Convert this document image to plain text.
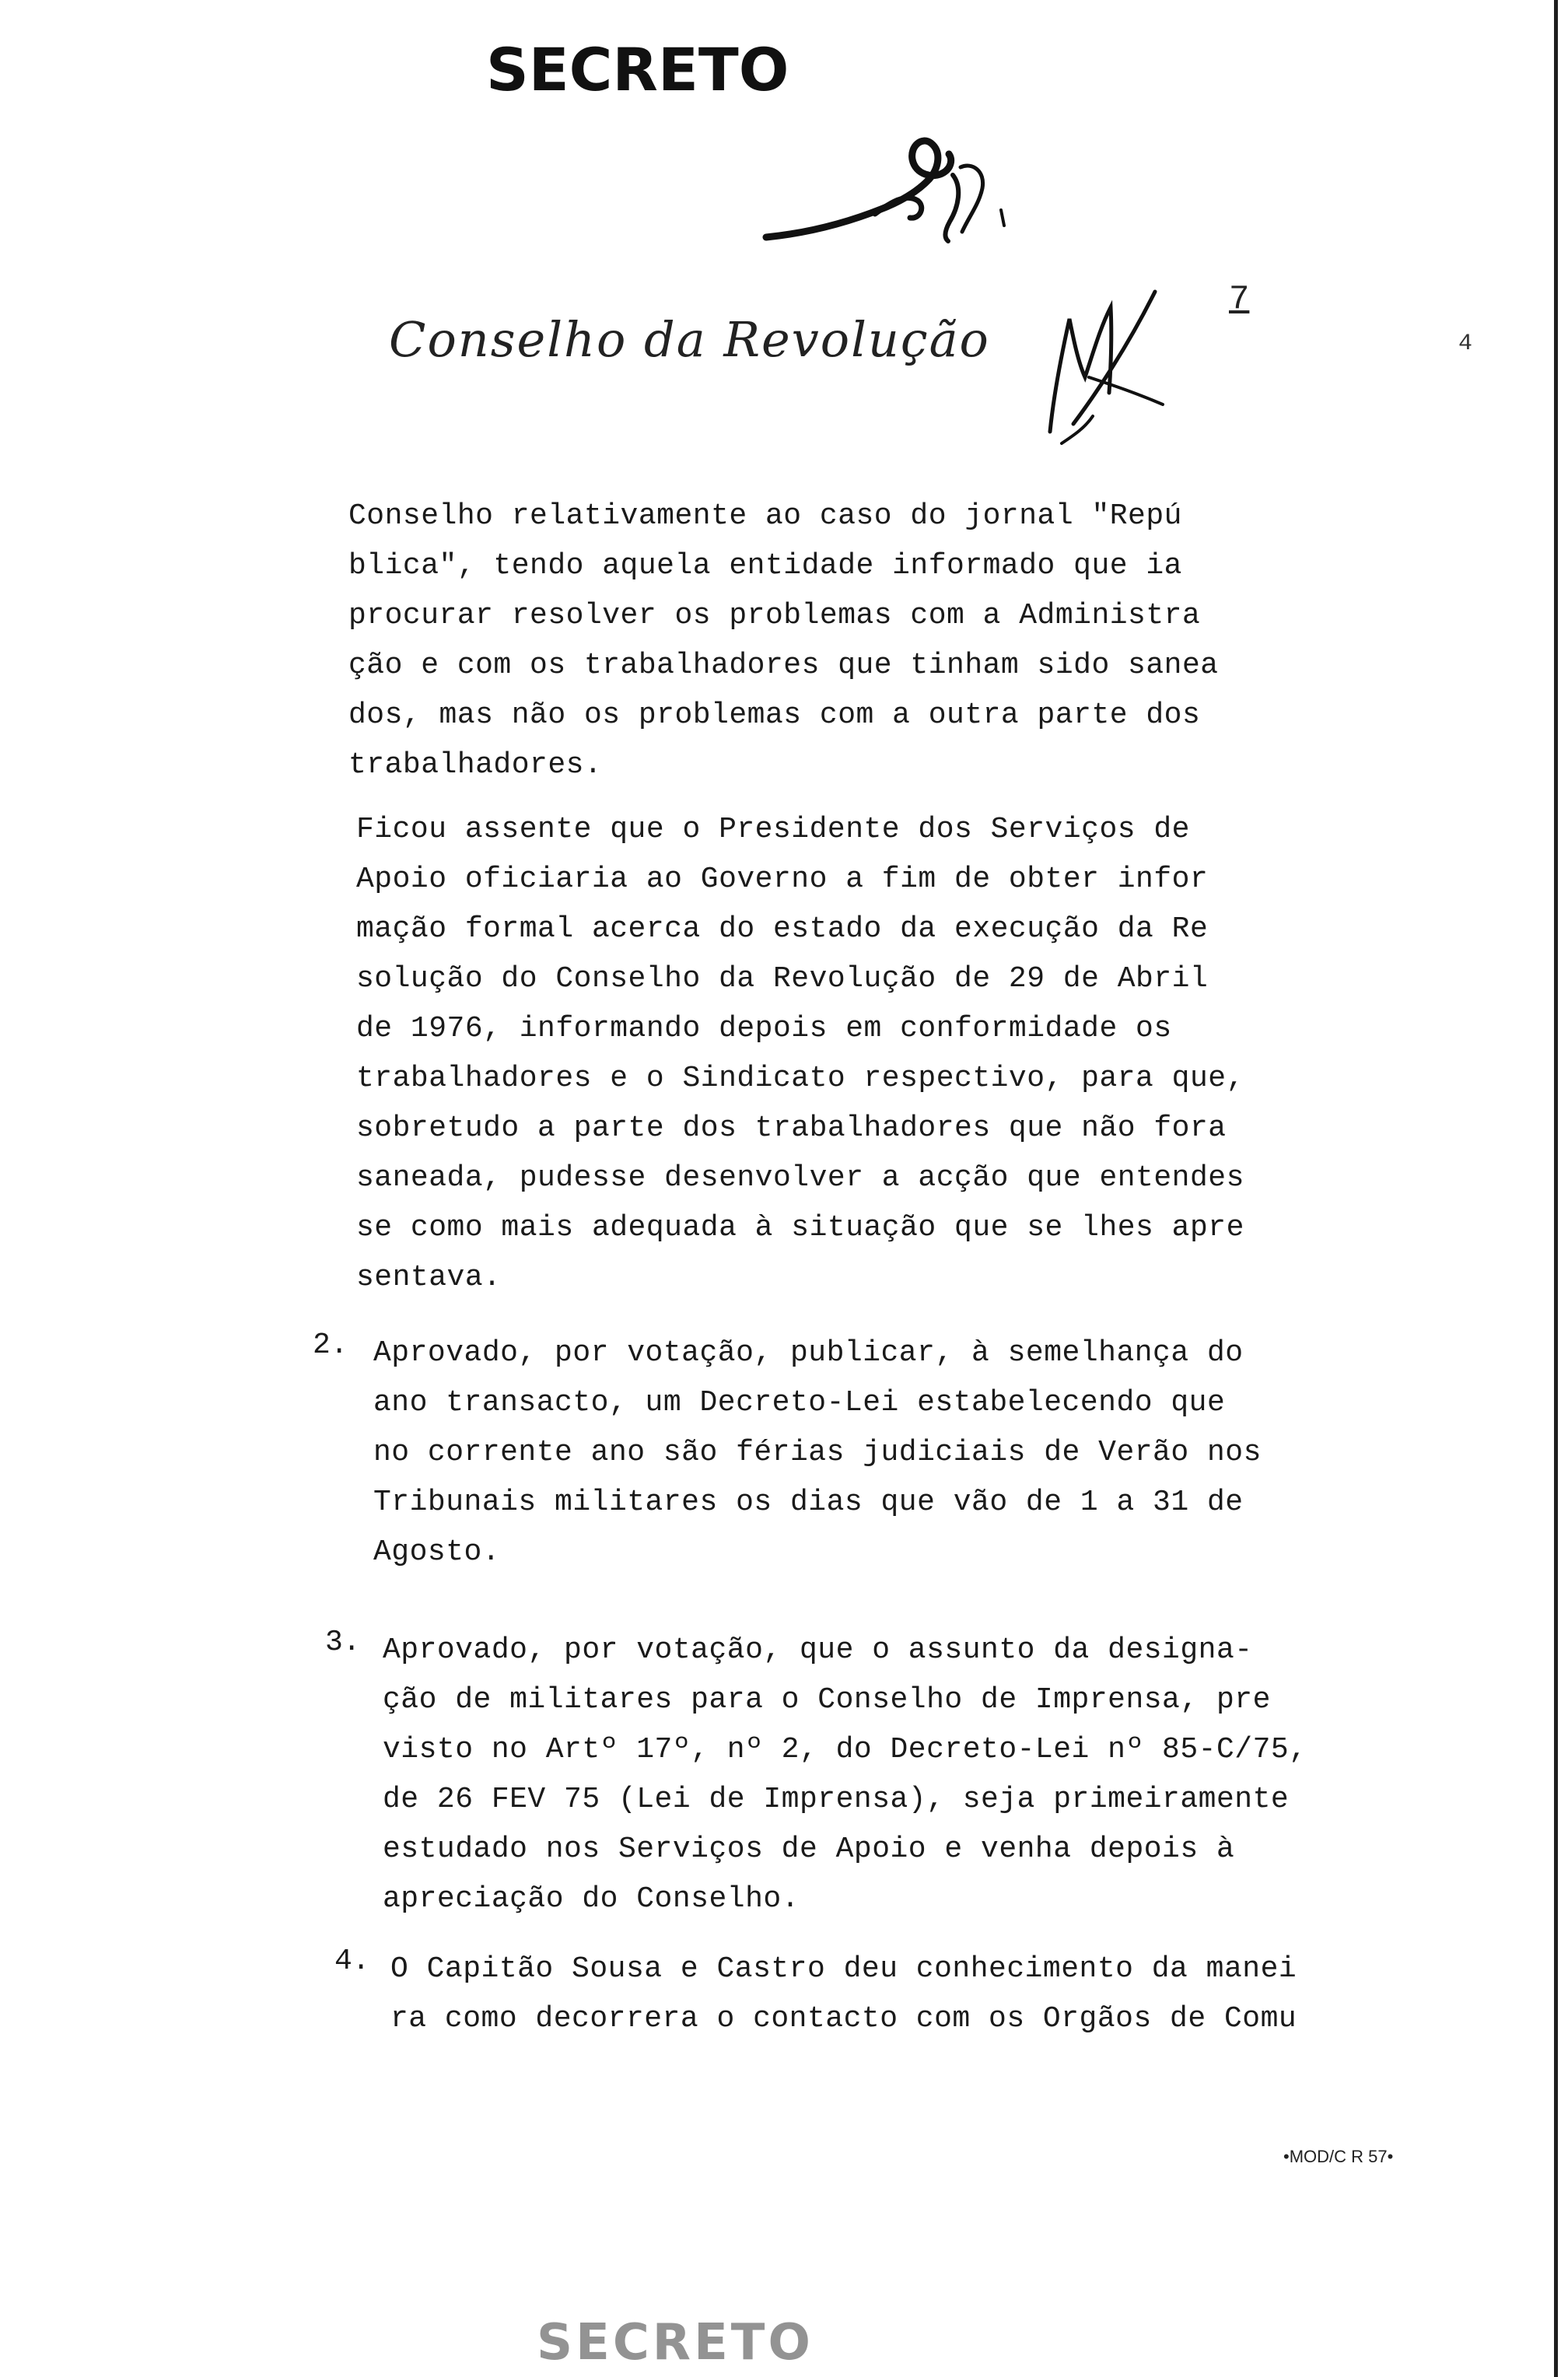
SECRETO
Conselho da Revolução
7
4
Conselho relativamente ao caso do jornal "Repú
blica", tendo aquela entidade informado que ia
procurar resolver os problemas com a Administra
ção e com os trabalhadores que tinham sido sanea
dos, mas não os problemas com a outra parte dos
trabalhadores.
Ficou assente que o Presidente dos Serviços de
Apoio oficiaria ao Governo a fim de obter infor
mação formal acerca do estado da execução da Re
solução do Conselho da Revolução de 29 de Abril
de 1976, informando depois em conformidade os
trabalhadores e o Sindicato respectivo, para que,
sobretudo a parte dos trabalhadores que não fora
saneada, pudesse desenvolver a acção que entendes
se como mais adequada à situação que se lhes apre
sentava.
2. Aprovado, por votação, publicar, à semelhança do
ano transacto, um Decreto-Lei estabelecendo que
no corrente ano são férias judiciais de Verão nos
Tribunais militares os dias que vão de 1 a 31 de
Agosto.
3. Aprovado, por votação, que o assunto da designa-
ção de militares para o Conselho de Imprensa, pre
visto no Artº 17º, nº 2, do Decreto-Lei nº 85-C/75,
de 26 FEV 75 (Lei de Imprensa), seja primeiramente
estudado nos Serviços de Apoio e venha depois à
apreciação do Conselho.
4. O Capitão Sousa e Castro deu conhecimento da manei
ra como decorrera o contacto com os Orgãos de Comu
•MOD/C R 57•
SECRETO
